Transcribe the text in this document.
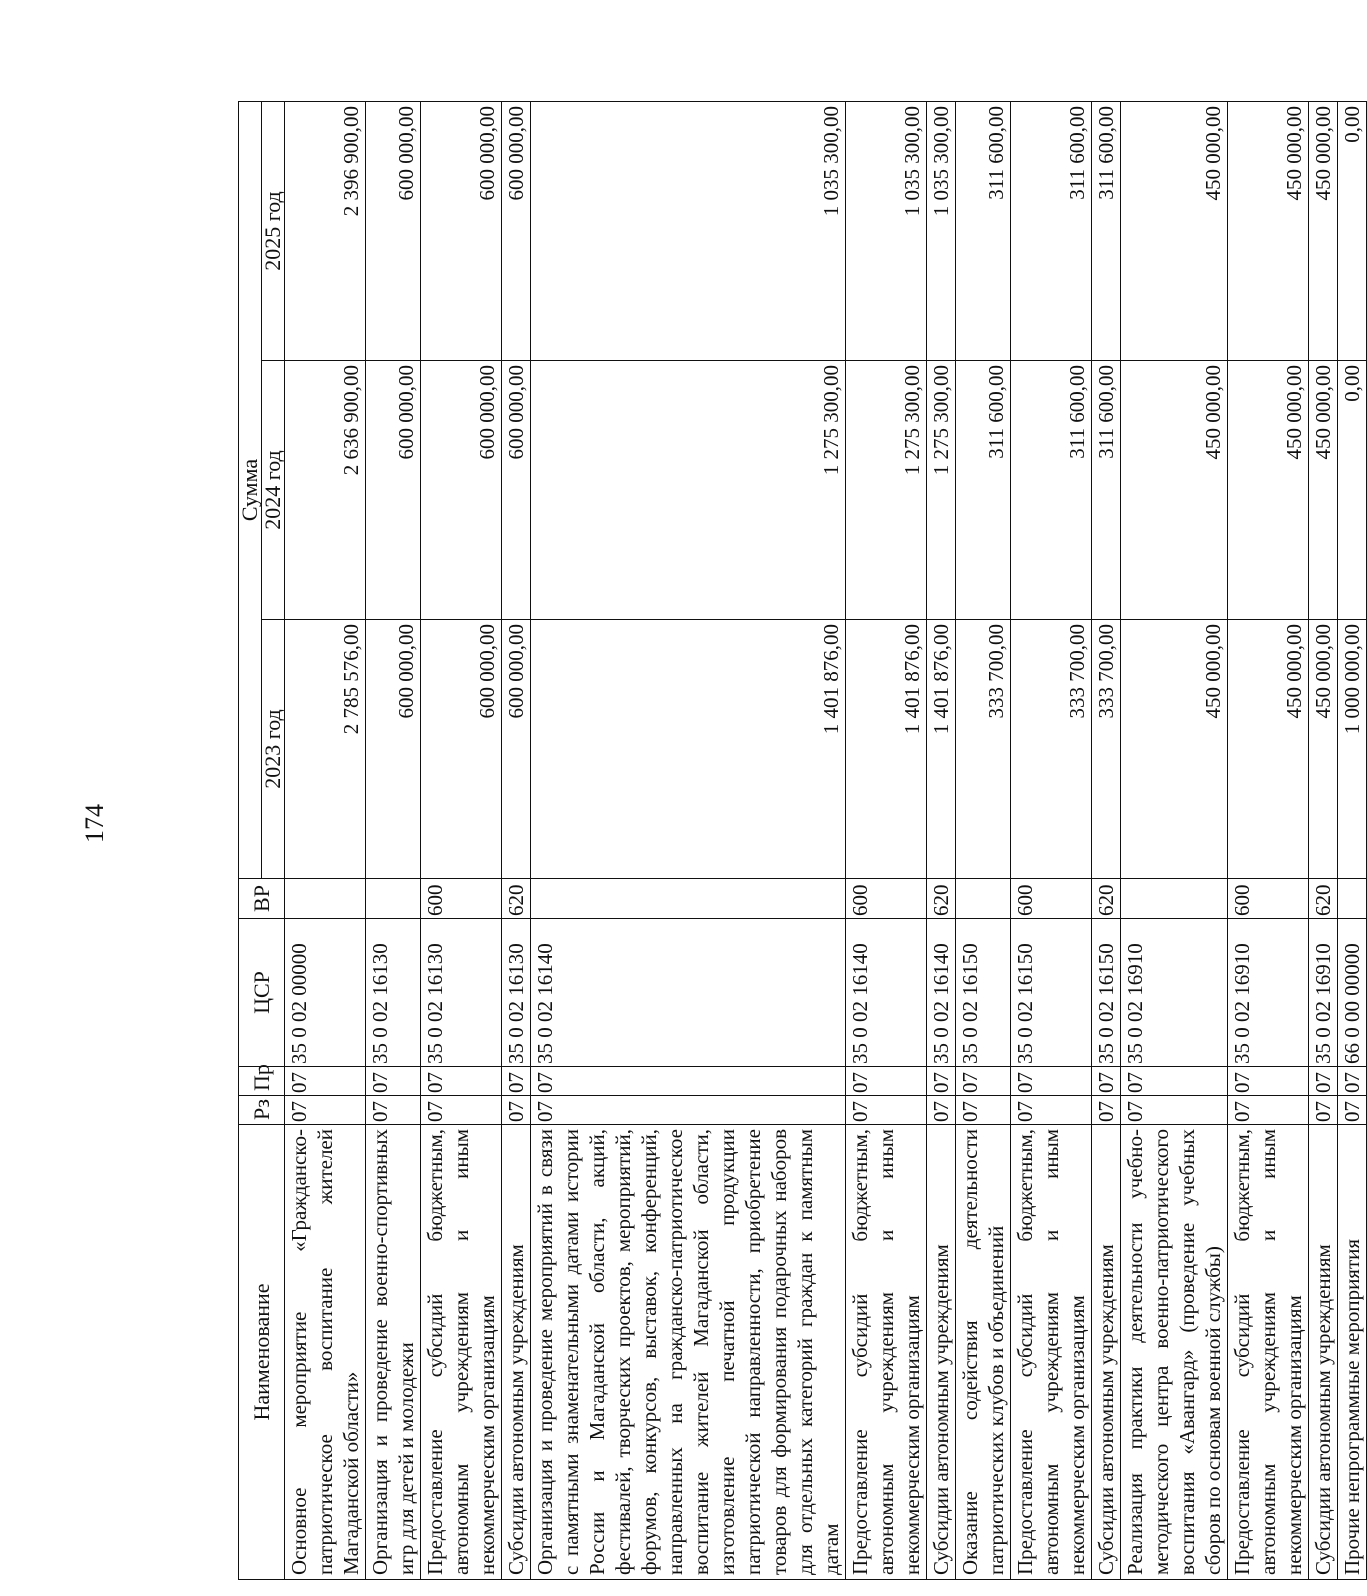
174
Наименование	Рз	Пр	ЦСР	ВР	Сумма		
					2023 год	2024 год	2025 год
Основное мероприятие «Гражданско-патриотическое воспитание жителей Магаданской области»	07	07	35 0 02 00000		2 785 576,00	2 636 900,00	2 396 900,00
Организация и проведение военно-спортивных игр для детей и молодежи	07	07	35 0 02 16130		600 000,00	600 000,00	600 000,00
Предоставление субсидий бюджетным, автономным учреждениям и иным некоммерческим организациям	07	07	35 0 02 16130	600	600 000,00	600 000,00	600 000,00
Субсидии автономным учреждениям	07	07	35 0 02 16130	620	600 000,00	600 000,00	600 000,00
Организация и проведение мероприятий в связи с памятными знаменательными датами истории России и Магаданской области, акций, фестивалей, творческих проектов, мероприятий, форумов, конкурсов, выставок, конференций, направленных на гражданско-патриотическое воспитание жителей Магаданской области, изготовление печатной продукции патриотической направленности, приобретение товаров для формирования подарочных наборов для отдельных категорий граждан к памятным датам	07	07	35 0 02 16140		1 401 876,00	1 275 300,00	1 035 300,00
Предоставление субсидий бюджетным, автономным учреждениям и иным некоммерческим организациям	07	07	35 0 02 16140	600	1 401 876,00	1 275 300,00	1 035 300,00
Субсидии автономным учреждениям	07	07	35 0 02 16140	620	1 401 876,00	1 275 300,00	1 035 300,00
Оказание содействия деятельности патриотических клубов и объединений	07	07	35 0 02 16150		333 700,00	311 600,00	311 600,00
Предоставление субсидий бюджетным, автономным учреждениям и иным некоммерческим организациям	07	07	35 0 02 16150	600	333 700,00	311 600,00	311 600,00
Субсидии автономным учреждениям	07	07	35 0 02 16150	620	333 700,00	311 600,00	311 600,00
Реализация практики деятельности учебно-методического центра военно-патриотического воспитания «Авангард» (проведение учебных сборов по основам военной службы)	07	07	35 0 02 16910		450 000,00	450 000,00	450 000,00
Предоставление субсидий бюджетным, автономным учреждениям и иным некоммерческим организациям	07	07	35 0 02 16910	600	450 000,00	450 000,00	450 000,00
Субсидии автономным учреждениям	07	07	35 0 02 16910	620	450 000,00	450 000,00	450 000,00
Прочие непрограммные мероприятия	07	07	66 0 00 00000		1 000 000,00	0,00	0,00
